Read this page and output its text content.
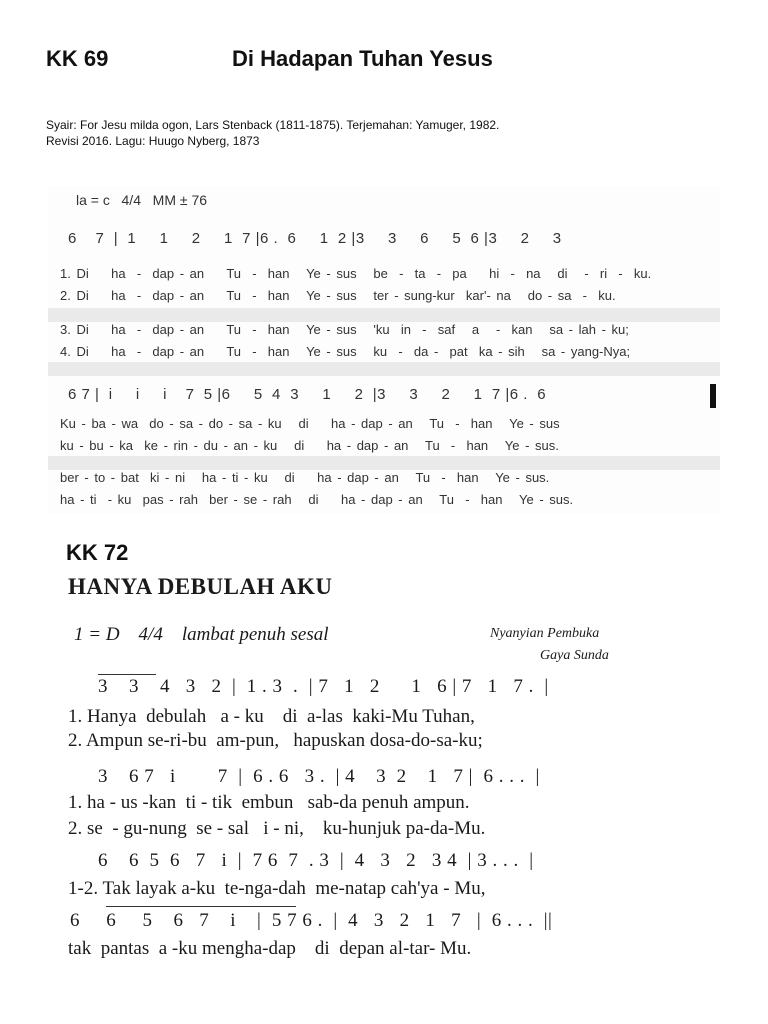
KK 69	Di Hadapan Tuhan Yesus
Syair: For Jesu milda ogon, Lars Stenback (1811-1875). Terjemahan: Yamuger, 1982.
Revisi 2016. Lagu: Huugo Nyberg, 1873
la = c   4/4   MM ± 76
6    7  |  1     1     2     1  7 |6 .  6     1  2 |3     3     6     5  6 |3     2     3
1. Di    ha  -  dap - an    Tu  -  han   Ye - sus   be  -  ta  -  pa    hi  -  na   di   -  ri  -  ku.
2. Di    ha  -  dap - an    Tu  -  han   Ye - sus   ter - sung-kur  kar'- na   do - sa  -  ku.
3. Di    ha  -  dap - an    Tu  -  han   Ye - sus   'ku  in  -  saf   a   -  kan   sa - lah - ku;
4. Di    ha  -  dap - an    Tu  -  han   Ye - sus   ku  -  da -  pat  ka - sih   sa - yang-Nya;
6 7 |  i     i     i    7  5 |6     5  4  3     1     2  |3     3     2     1  7 |6 .  6
Ku - ba - wa  do - sa - do - sa - ku   di    ha - dap - an   Tu  -  han   Ye - sus
ku - bu - ka  ke - rin - du - an - ku   di    ha - dap - an   Tu  -  han   Ye - sus.
ber - to - bat  ki - ni   ha - ti - ku   di    ha - dap - an   Tu  -  han   Ye - sus.
ha - ti  - ku  pas - rah  ber - se - rah   di    ha - dap - an   Tu  -  han   Ye - sus.
KK 72
HANYA DEBULAH AKU
1 = D    4/4    lambat penuh sesal	Nyanyian Pembuka
Gaya Sunda
3    3    4   3   2  |  1 . 3  .  | 7   1   2      1   6 | 7   1   7 .  |
1. Hanya  debulah   a - ku    di  a-las  kaki-Mu Tuhan,
2. Ampun se-ri-bu  am-pun,   hapuskan dosa-do-sa-ku;
3    6 7   i        7  |  6 . 6   3 .  | 4    3  2    1   7 |  6 . . .  |
1. ha - us -kan  ti - tik  embun   sab-da penuh ampun.
2. se  - gu-nung  se - sal   i - ni,    ku-hunjuk pa-da-Mu.
6    6  5  6   7   i  |  7 6  7  . 3  |  4   3   2   3 4  | 3 . . .  |
1-2. Tak layak a-ku  te-nga-dah  me-natap cah'ya - Mu,
6     6     5    6   7    i    |  5 7 6 .  |  4   3   2   1   7   |  6 . . .  ||
tak  pantas  a -ku mengha-dap    di  depan al-tar- Mu.
